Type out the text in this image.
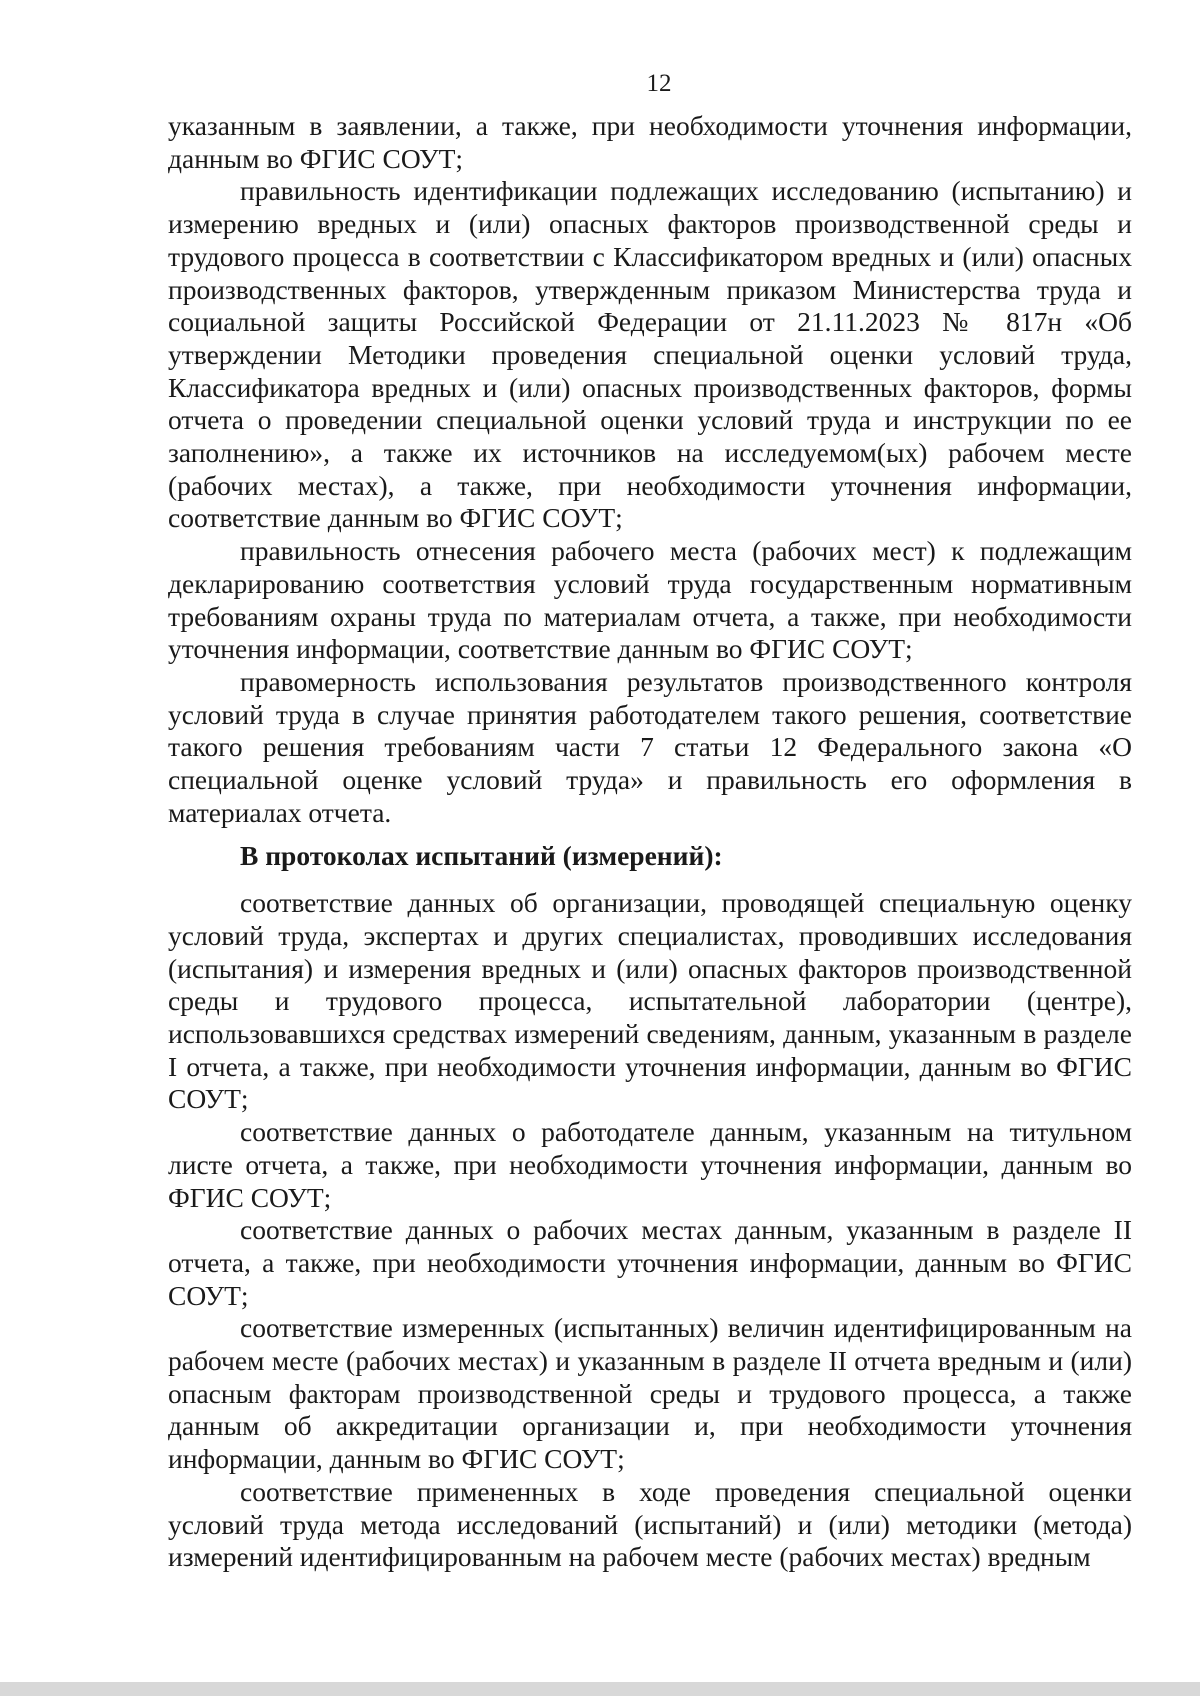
12

указанным в заявлении, а также, при необходимости уточнения информации, данным во ФГИС СОУТ;

правильность идентификации подлежащих исследованию (испытанию) и измерению вредных и (или) опасных факторов производственной среды и трудового процесса в соответствии с Классификатором вредных и (или) опасных производственных факторов, утвержденным приказом Министерства труда и социальной защиты Российской Федерации от 21.11.2023 № 817н «Об утверждении Методики проведения специальной оценки условий труда, Классификатора вредных и (или) опасных производственных факторов, формы отчета о проведении специальной оценки условий труда и инструкции по ее заполнению», а также их источников на исследуемом(ых) рабочем месте (рабочих местах), а также, при необходимости уточнения информации, соответствие данным во ФГИС СОУТ;

правильность отнесения рабочего места (рабочих мест) к подлежащим декларированию соответствия условий труда государственным нормативным требованиям охраны труда по материалам отчета, а также, при необходимости уточнения информации, соответствие данным во ФГИС СОУТ;

правомерность использования результатов производственного контроля условий труда в случае принятия работодателем такого решения, соответствие такого решения требованиям части 7 статьи 12 Федерального закона «О специальной оценке условий труда» и правильность его оформления в материалах отчета.

В протоколах испытаний (измерений):

соответствие данных об организации, проводящей специальную оценку условий труда, экспертах и других специалистах, проводивших исследования (испытания) и измерения вредных и (или) опасных факторов производственной среды и трудового процесса, испытательной лаборатории (центре), использовавшихся средствах измерений сведениям, данным, указанным в разделе I отчета, а также, при необходимости уточнения информации, данным во ФГИС СОУТ;

соответствие данных о работодателе данным, указанным на титульном листе отчета, а также, при необходимости уточнения информации, данным во ФГИС СОУТ;

соответствие данных о рабочих местах данным, указанным в разделе II отчета, а также, при необходимости уточнения информации, данным во ФГИС СОУТ;

соответствие измеренных (испытанных) величин идентифицированным на рабочем месте (рабочих местах) и указанным в разделе II отчета вредным и (или) опасным факторам производственной среды и трудового процесса, а также данным об аккредитации организации и, при необходимости уточнения информации, данным во ФГИС СОУТ;

соответствие примененных в ходе проведения специальной оценки условий труда метода исследований (испытаний) и (или) методики (метода) измерений идентифицированным на рабочем месте (рабочих местах) вредным
